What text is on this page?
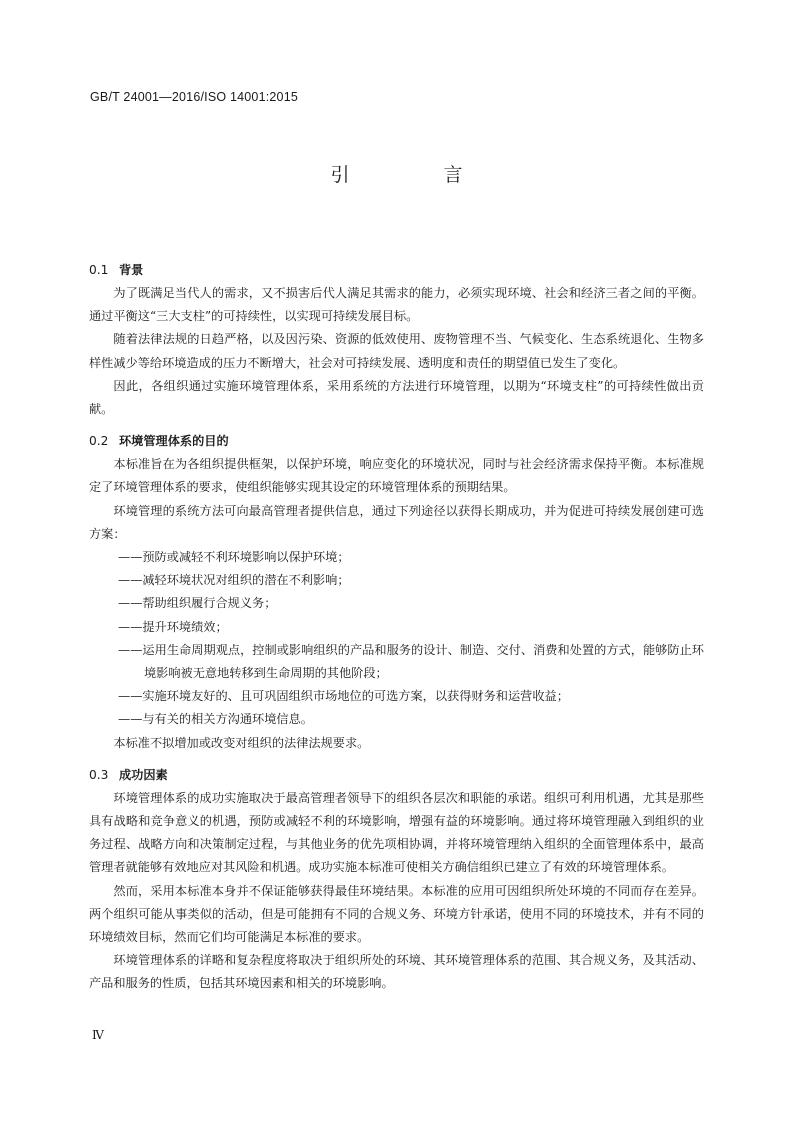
GB/T 24001—2016/ISO 14001:2015
引 言

0.1 背景

为了既满足当代人的需求，又不损害后代人满足其需求的能力，必须实现环境、社会和经济三者之间的平衡。通过平衡这“三大支柱”的可持续性，以实现可持续发展目标。

随着法律法规的日趋严格，以及因污染、资源的低效使用、废物管理不当、气候变化、生态系统退化、生物多样性减少等给环境造成的压力不断增大，社会对可持续发展、透明度和责任的期望值已发生了变化。

因此，各组织通过实施环境管理体系，采用系统的方法进行环境管理，以期为“环境支柱”的可持续性做出贡献。

0.2 环境管理体系的目的

本标准旨在为各组织提供框架，以保护环境，响应变化的环境状况，同时与社会经济需求保持平衡。本标准规定了环境管理体系的要求，使组织能够实现其设定的环境管理体系的预期结果。

环境管理的系统方法可向最高管理者提供信息，通过下列途径以获得长期成功，并为促进可持续发展创建可选方案：

——预防或减轻不利环境影响以保护环境；

——减轻环境状况对组织的潜在不利影响；

——帮助组织履行合规义务；

——提升环境绩效；

——运用生命周期观点，控制或影响组织的产品和服务的设计、制造、交付、消费和处置的方式，能够防止环境影响被无意地转移到生命周期的其他阶段；

——实施环境友好的、且可巩固组织市场地位的可选方案，以获得财务和运营收益；

——与有关的相关方沟通环境信息。

本标准不拟增加或改变对组织的法律法规要求。

0.3 成功因素

环境管理体系的成功实施取决于最高管理者领导下的组织各层次和职能的承诺。组织可利用机遇，尤其是那些具有战略和竞争意义的机遇，预防或减轻不利的环境影响，增强有益的环境影响。通过将环境管理融入到组织的业务过程、战略方向和决策制定过程，与其他业务的优先项相协调，并将环境管理纳入组织的全面管理体系中，最高管理者就能够有效地应对其风险和机遇。成功实施本标准可使相关方确信组织已建立了有效的环境管理体系。

然而，采用本标准本身并不保证能够获得最佳环境结果。本标准的应用可因组织所处环境的不同而存在差异。两个组织可能从事类似的活动，但是可能拥有不同的合规义务、环境方针承诺，使用不同的环境技术，并有不同的环境绩效目标，然而它们均可能满足本标准的要求。

环境管理体系的详略和复杂程度将取决于组织所处的环境、其环境管理体系的范围、其合规义务，及其活动、产品和服务的性质，包括其环境因素和相关的环境影响。

Ⅳ
